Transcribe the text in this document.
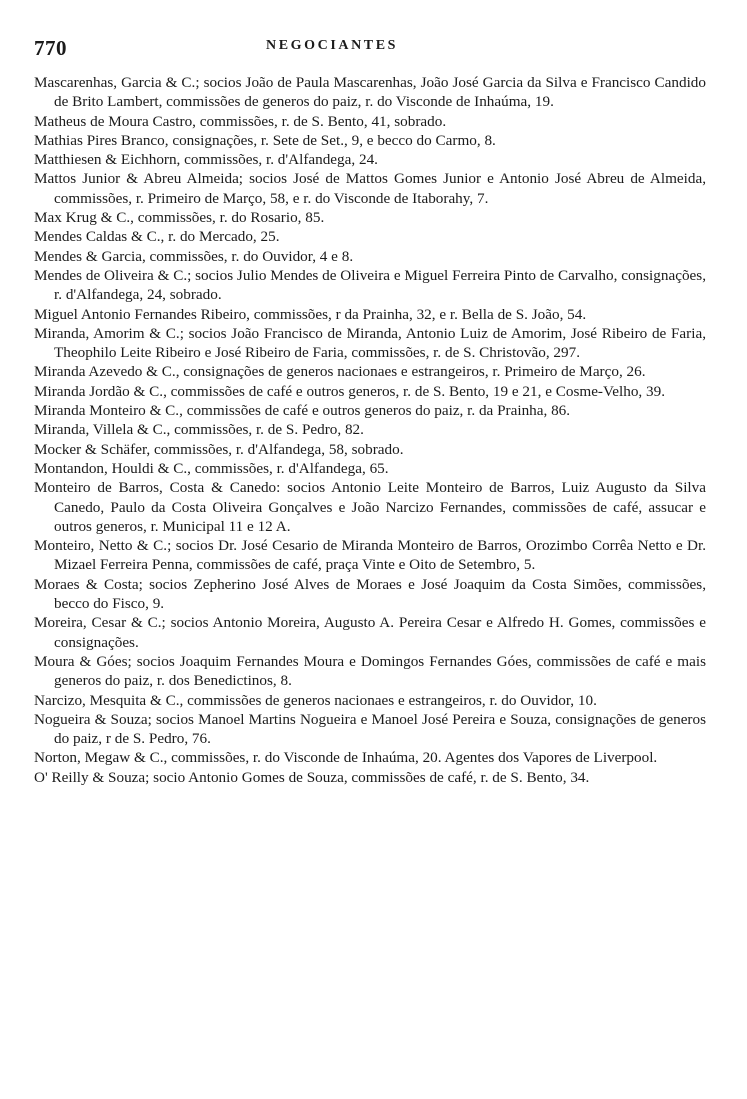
770	NEGOCIANTES

Mascarenhas, Garcia & C.; socios João de Paula Mascarenhas, João José Garcia da Silva e Francisco Candido de Brito Lambert, commissões de generos do paiz, r. do Visconde de Inhaúma, 19.

Matheus de Moura Castro, commissões, r. de S. Bento, 41, sobrado.

Mathias Pires Branco, consignações, r. Sete de Set., 9, e becco do Carmo, 8.

Matthiesen & Eichhorn, commissões, r. d'Alfandega, 24.

Mattos Junior & Abreu Almeida; socios José de Mattos Gomes Junior e Antonio José Abreu de Almeida, commissões, r. Primeiro de Março, 58, e r. do Visconde de Itaborahy, 7.

Max Krug & C., commissões, r. do Rosario, 85.

Mendes Caldas & C., r. do Mercado, 25.

Mendes & Garcia, commissões, r. do Ouvidor, 4 e 8.

Mendes de Oliveira & C.; socios Julio Mendes de Oliveira e Miguel Ferreira Pinto de Carvalho, consignações, r. d'Alfandega, 24, sobrado.

Miguel Antonio Fernandes Ribeiro, commissões, r da Prainha, 32, e r. Bella de S. João, 54.

Miranda, Amorim & C.; socios João Francisco de Miranda, Antonio Luiz de Amorim, José Ribeiro de Faria, Theophilo Leite Ribeiro e José Ribeiro de Faria, commissões, r. de S. Christovão, 297.

Miranda Azevedo & C., consignações de generos nacionaes e estrangeiros, r. Primeiro de Março, 26.

Miranda Jordão & C., commissões de café e outros generos, r. de S. Bento, 19 e 21, e Cosme-Velho, 39.

Miranda Monteiro & C., commissões de café e outros generos do paiz, r. da Prainha, 86.

Miranda, Villela & C., commissões, r. de S. Pedro, 82.

Mocker & Schäfer, commissões, r. d'Alfandega, 58, sobrado.

Montandon, Houldi & C., commissões, r. d'Alfandega, 65.

Monteiro de Barros, Costa & Canedo: socios Antonio Leite Monteiro de Barros, Luiz Augusto da Silva Canedo, Paulo da Costa Oliveira Gonçalves e João Narcizo Fernandes, commissões de café, assucar e outros generos, r. Municipal 11 e 12 A.

Monteiro, Netto & C.; socios Dr. José Cesario de Miranda Monteiro de Barros, Orozimbo Corrêa Netto e Dr. Mizael Ferreira Penna, commissões de café, praça Vinte e Oito de Setembro, 5.

Moraes & Costa; socios Zepherino José Alves de Moraes e José Joaquim da Costa Simões, commissões, becco do Fisco, 9.

Moreira, Cesar & C.; socios Antonio Moreira, Augusto A. Pereira Cesar e Alfredo H. Gomes, commissões e consignações.

Moura & Góes; socios Joaquim Fernandes Moura e Domingos Fernandes Góes, commissões de café e mais generos do paiz, r. dos Benedictinos, 8.

Narcizo, Mesquita & C., commissões de generos nacionaes e estrangeiros, r. do Ouvidor, 10.

Nogueira & Souza; socios Manoel Martins Nogueira e Manoel José Pereira e Souza, consignações de generos do paiz, r de S. Pedro, 76.

Norton, Megaw & C., commissões, r. do Visconde de Inhaúma, 20. Agentes dos Vapores de Liverpool.

O' Reilly & Souza; socio Antonio Gomes de Souza, commissões de café, r. de S. Bento, 34.
